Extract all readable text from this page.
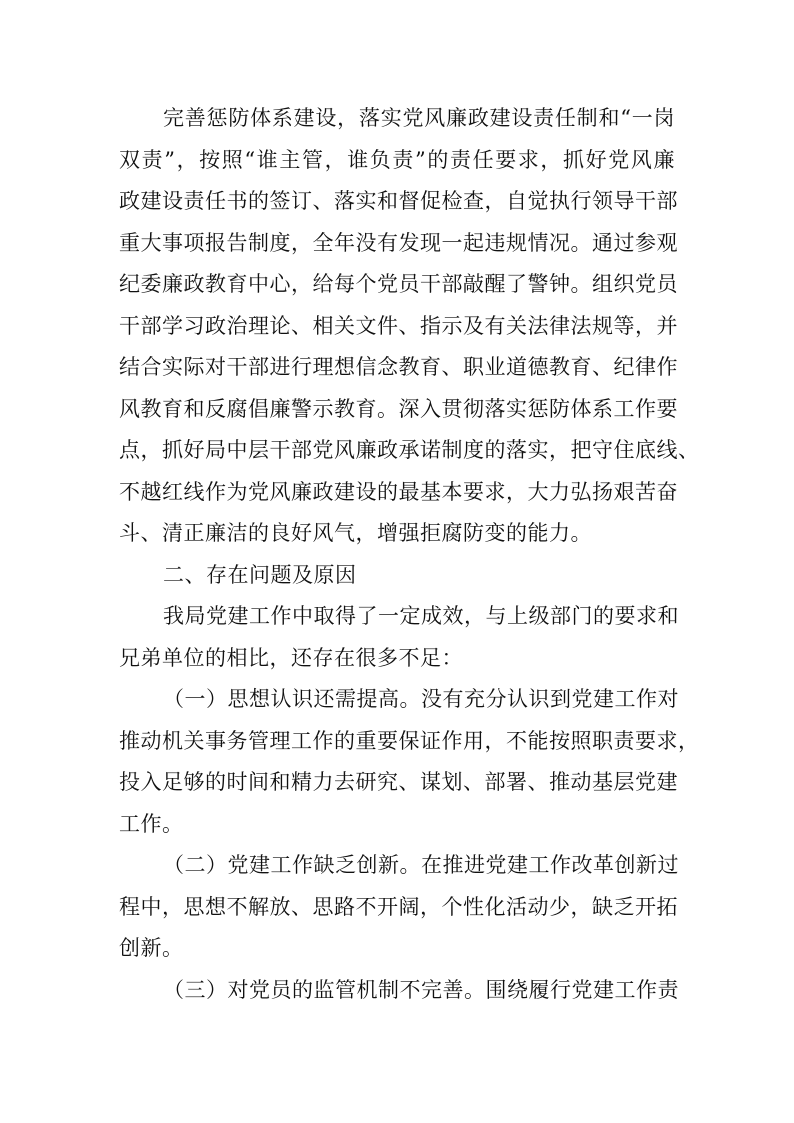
完善惩防体系建设，落实党风廉政建设责任制和“一岗
双责”，按照“谁主管，谁负责”的责任要求，抓好党风廉
政建设责任书的签订、落实和督促检查，自觉执行领导干部
重大事项报告制度，全年没有发现一起违规情况。通过参观
纪委廉政教育中心，给每个党员干部敲醒了警钟。组织党员
干部学习政治理论、相关文件、指示及有关法律法规等，并
结合实际对干部进行理想信念教育、职业道德教育、纪律作
风教育和反腐倡廉警示教育。深入贯彻落实惩防体系工作要
点，抓好局中层干部党风廉政承诺制度的落实，把守住底线、
不越红线作为党风廉政建设的最基本要求，大力弘扬艰苦奋
斗、清正廉洁的良好风气，增强拒腐防变的能力。
二、存在问题及原因
我局党建工作中取得了一定成效，与上级部门的要求和
兄弟单位的相比，还存在很多不足：
（一）思想认识还需提高。没有充分认识到党建工作对
推动机关事务管理工作的重要保证作用，不能按照职责要求，
投入足够的时间和精力去研究、谋划、部署、推动基层党建
工作。
（二）党建工作缺乏创新。在推进党建工作改革创新过
程中，思想不解放、思路不开阔，个性化活动少，缺乏开拓
创新。
（三）对党员的监管机制不完善。围绕履行党建工作责
